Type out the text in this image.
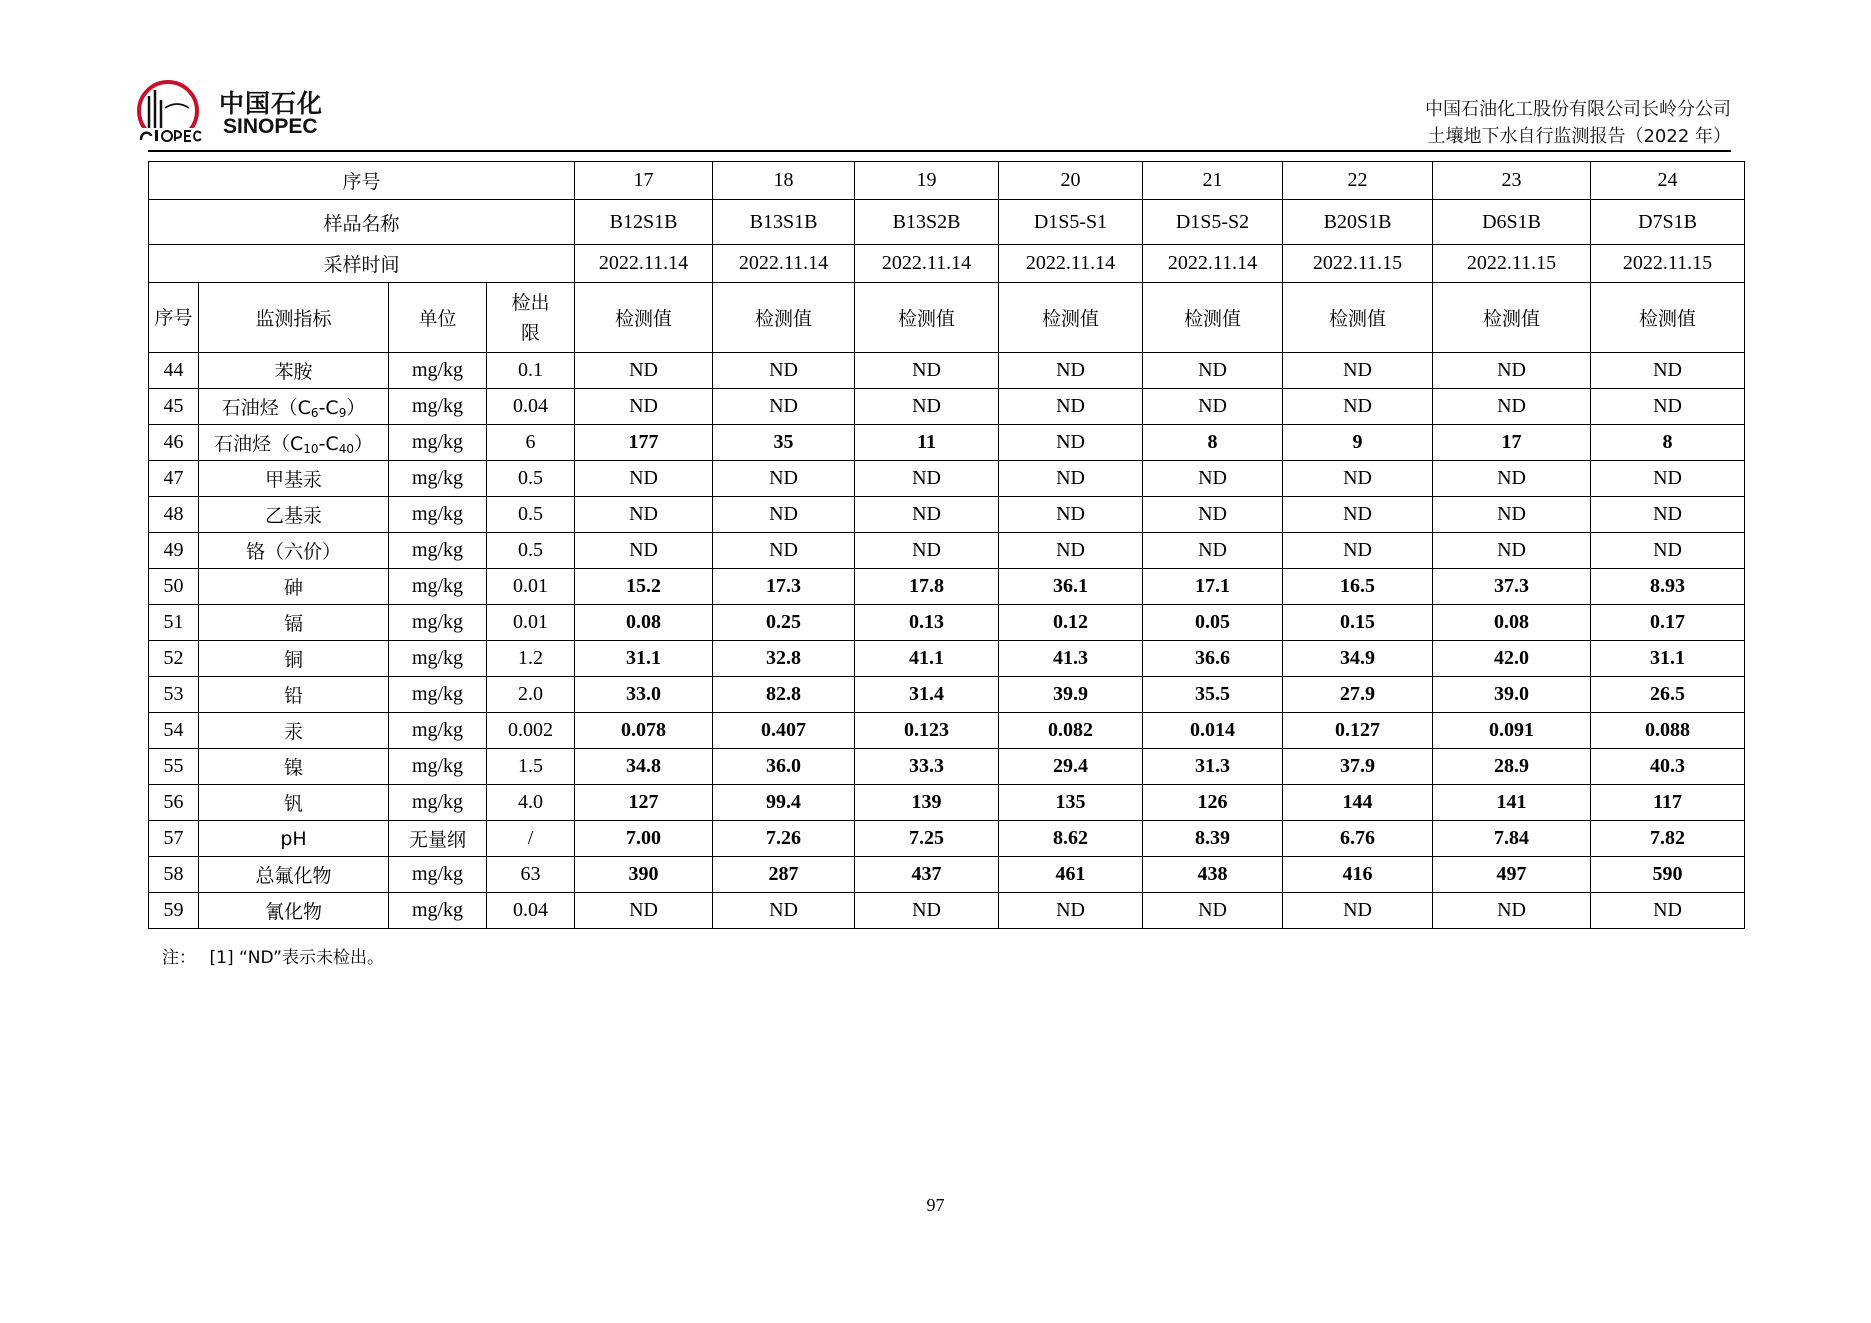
中国石化
SINOPEC
中国石油化工股份有限公司长岭分公司
土壤地下水自行监测报告（2022 年）
序号				17	18	19	20	21	22	23	24
样品名称				B12S1B	B13S1B	B13S2B	D1S5-S1	D1S5-S2	B20S1B	D6S1B	D7S1B
采样时间				2022.11.14	2022.11.14	2022.11.14	2022.11.14	2022.11.14	2022.11.15	2022.11.15	2022.11.15
序号	监测指标	单位	检出限	检测值	检测值	检测值	检测值	检测值	检测值	检测值	检测值
44	苯胺	mg/kg	0.1	ND	ND	ND	ND	ND	ND	ND	ND
45	石油烃$(C_6-C_9)$	mg/kg	0.04	ND	ND	ND	ND	ND	ND	ND	ND
46	石油烃$(C_{10}-C_{40})$	mg/kg	6	177	35	11	ND	8	9	17	8
47	甲基汞	mg/kg	0.5	ND	ND	ND	ND	ND	ND	ND	ND
48	乙基汞	mg/kg	0.5	ND	ND	ND	ND	ND	ND	ND	ND
49	铬（六价）	mg/kg	0.5	ND	ND	ND	ND	ND	ND	ND	ND
50	砷	mg/kg	0.01	15.2	17.3	17.8	36.1	17.1	16.5	37.3	8.93
51	镉	mg/kg	0.01	0.08	0.25	0.13	0.12	0.05	0.15	0.08	0.17
52	铜	mg/kg	1.2	31.1	32.8	41.1	41.3	36.6	34.9	42.0	31.1
53	铅	mg/kg	2.0	33.0	82.8	31.4	39.9	35.5	27.9	39.0	26.5
54	汞	mg/kg	0.002	0.078	0.407	0.123	0.082	0.014	0.127	0.091	0.088
55	镍	mg/kg	1.5	34.8	36.0	33.3	29.4	31.3	37.9	28.9	40.3
56	钒	mg/kg	4.0	127	99.4	139	135	126	144	141	117
57	pH	无量纲	/	7.00	7.26	7.25	8.62	8.39	6.76	7.84	7.82
58	总氟化物	mg/kg	63	390	287	437	461	438	416	497	590
59	氰化物	mg/kg	0.04	ND	ND	ND	ND	ND	ND	ND	ND
注： [1] “ND”表示未检出。
97
